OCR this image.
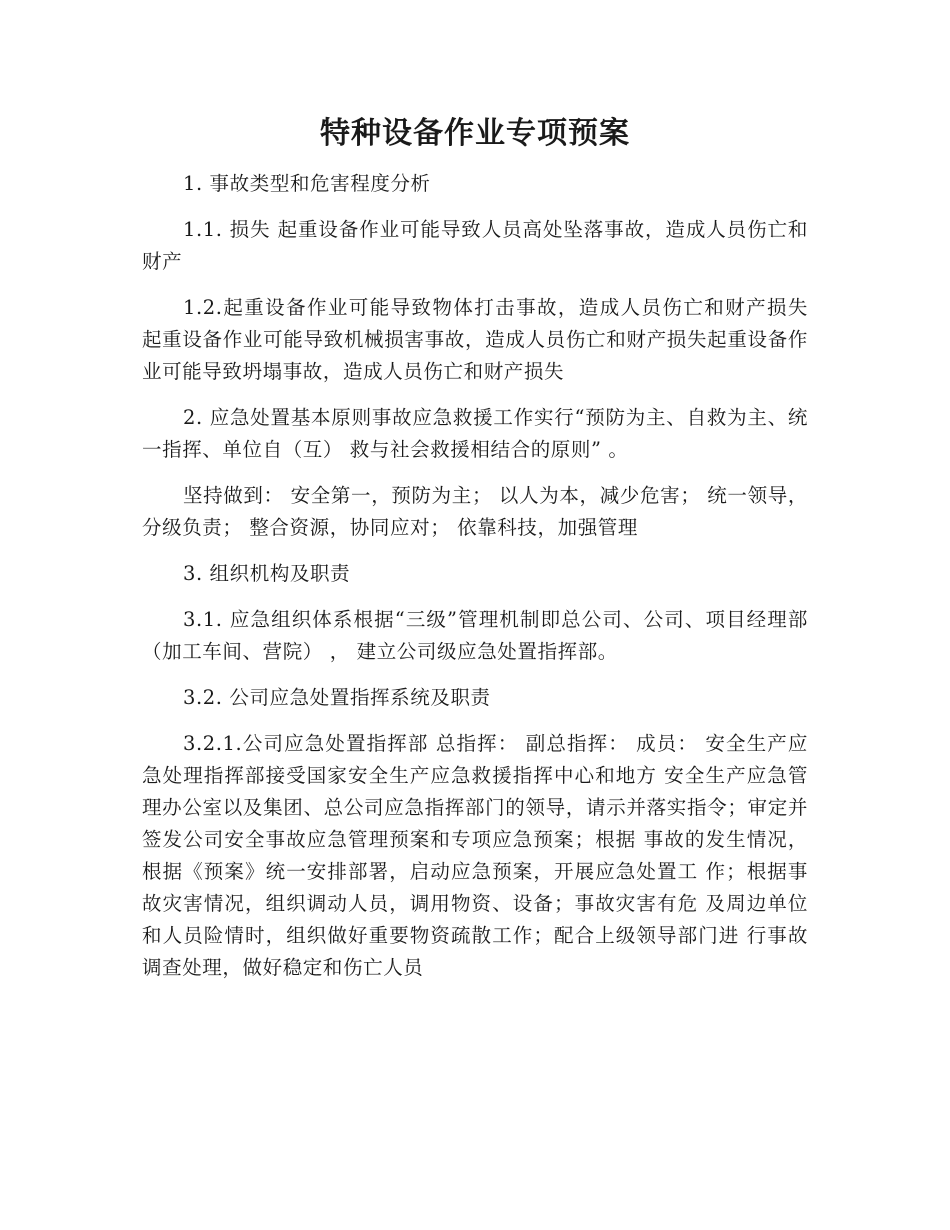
特种设备作业专项预案

1. 事故类型和危害程度分析

1.1. 损失 起重设备作业可能导致人员高处坠落事故，造成人员伤亡和财产

1.2.起重设备作业可能导致物体打击事故，造成人员伤亡和财产损失 起重设备作业可能导致机械损害事故，造成人员伤亡和财产损失起重设备作业可能导致坍塌事故，造成人员伤亡和财产损失

2. 应急处置基本原则事故应急救援工作实行“预防为主、自救为主、统一指挥、单位自（互） 救与社会救援相结合的原则” 。

坚持做到： 安全第一，预防为主； 以人为本，减少危害； 统一领导，分级负责； 整合资源，协同应对； 依靠科技，加强管理

3. 组织机构及职责

3.1. 应急组织体系根据“三级”管理机制即总公司、公司、项目经理部（加工车间、营院） ， 建立公司级应急处置指挥部。

3.2. 公司应急处置指挥系统及职责

3.2.1.公司应急处置指挥部 总指挥： 副总指挥： 成员： 安全生产应急处理指挥部接受国家安全生产应急救援指挥中心和地方 安全生产应急管理办公室以及集团、总公司应急指挥部门的领导，请示并落实指令；审定并签发公司安全事故应急管理预案和专项应急预案；根据 事故的发生情况，根据《预案》统一安排部署，启动应急预案，开展应急处置工 作；根据事故灾害情况，组织调动人员，调用物资、设备；事故灾害有危 及周边单位和人员险情时，组织做好重要物资疏散工作；配合上级领导部门进 行事故调查处理，做好稳定和伤亡人员
